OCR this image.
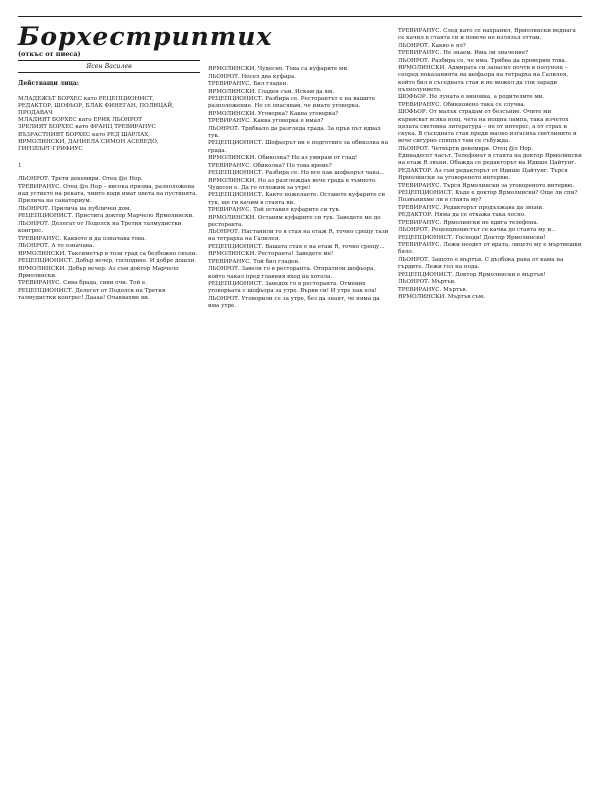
Борхестриптих
(откъс от пиеса)
Ясен Василев
Действащи лица:

МЛАДЕЖЪТ БОРХЕС като РЕЦЕПЦИОНИСТ,

РЕДАКТОР, ШОФЬОР, БЛАК ФИНЕГАН, ПОЛИЦАЙ,

ПРОДАВАЧ

МЛАДИЯТ БОРХЕС като ЕРИК ЛЬОНРОТ

ЗРЕЛИЯТ БОРХЕС като ФРАНЦ ТРЕВИРАНУС

ВЪЗРАСТНИЯТ БОРХЕС като РЕД ШАРЛАХ,

ЯРМОЛИНСКИ, ДАНИЕЛА СИМОН АСЕВЕДО,

ГИНЗБЪРГ-ГРИФИУС

1

ЛЬОНРОТ. Трети декември. Отец @о Нор.

ТРЕВИРАНУС. Отец @о Нор – висока призма, разположена над устието на реката, чиито води имат цвета на пустинята. Прилича на санаториум.

ЛЬОНРОТ. Прилича на публичен дом.

РЕЦЕПЦИОНИСТ. Пристига доктор Марчело Ярмолински.

ЛЬОНРОТ. Делегат от Подолск на Третия талмудистки конгрес.

ТРЕВИРАНУС. Каквото и да означава това.

ЛЬОНРОТ. А то означава.

ЯРМОЛИНСКИ. Таксиметър в този град са безбожно скъпи.

РЕЦЕПЦИОНИСТ. Добър вечер, господине. И добре дошли.

ЯРМОЛИНСКИ. Добър вечер. Аз съм доктор Марчело Ярмолински.

ТРЕВИРАНУС. Сива брада, сиви очи. Той е.

РЕЦЕПЦИОНИСТ. Делегат от Подолск на Третия талмудистки конгрес! Даааа! Очаквахме ви.

ЯРМОЛИНСКИ. Чудесно. Това са куфарите ми.

ЛЬОНРОТ. Носел два куфара.

ТРЕВИРАНУС. Бил гладен.

ЯРМОЛИНСКИ. Гладен съм. Искам да ям.

РЕЦЕПЦИОНИСТ. Разбира се. Ресторантът е на вашите разположение. Но се опасявам, че имате уговорка.

ЯРМОЛИНСКИ. Уговорка? Каква уговорка?

ТРЕВИРАНУС. Каква уговорка е имал?

ЛЬОНРОТ. Трябвало да разгледа града. За пръв път идвал тук.

РЕЦЕПЦИОНИСТ. Шофьорът ни е подготвил за обиколка на града.

ЯРМОЛИНСКИ. Обиколка? Но аз умирам от глад!

ТРЕВИРАНУС. Обиколка? По това време?

РЕЦЕПЦИОНИСТ. Разбира се. Но все пак шофьорът чака...

ЯРМОЛИНСКИ. Но аз разглеждах вече града в тъмното. Чудесен е. Да го отложим за утре!

РЕЦЕПЦИОНИСТ. Както пожелаете. Оставете куфарите си тук, ще ги качим в стаята ви.

ТРЕВИРАНУС. Той оставил куфарите си тук.

ЯРМОЛИНСКИ. Оставям куфарите си тук. Заведете ме до ресторанта.

ЛЬОНРОТ. Настанили го в стая на етаж R, точно срещу тази на тетрарха на Галилея.

РЕЦЕПЦИОНИСТ. Вашата стая е на етаж R, точно срещу...

ЯРМОЛИНСКИ. Ресторанта! Заведете ме!

ТРЕВИРАНУС. Той бил гладен.

ЛЬОНРОТ. Завели го в ресторанта. Отпратили шофьора, който чакал пред главния вход на хотела.

РЕЦЕПЦИОНИСТ. Заведох го в ресторанта. Отмених уговорката с шофьора за утре. Върви си! И утре пак ела!

ЛЬОНРОТ. Уговорили се за утре, без да знаят, че няма да има утре.

ТРЕВИРАНУС. След като се нахранил, Ярмолински веднага се качил в стаята си и повече не излязъл оттам.

ЛЬОНРОТ. Какво е ял?

ТРЕВИРАНУС. Не знаем. Има ли значение?

ЛЬОНРОТ. Разбира се, че има. Трябва да проверим това.

ЯРМОЛИНСКИ. Адмирата си запасил почти в полунощ – според показанията на шофьора на тетрарха на Галилея, който бил в съседната стая и не можел да спи заради пълнолунието.

ШОФЬОР. Не луната е виновна, а родителите ми.

ТРЕВИРАНУС. Обикновено така се случва.

ШОФЬОР. От малък страдам от безсъние. Очите ми кървясват всяка нощ, чета на нощна лампа, така изчетох цялата световна литература – не от интерес, а от страх и скука. В съседната стая преди малко изгасиха светлините и вече сигурно спящът там се събужда.

ЛЬОНРОТ. Четвърти декември. Отец @о Нор.

Единадесет часът. Телефонът в стаята на доктор Ярмолински на етаж R звъни. Обажда се редакторът на Идише Цайтунг.

РЕДАКТОР. Аз съм редакторът от Идише Цайтунг. Търся Ярмолински за уговореното интервю.

ТРЕВИРАНУС. Търся Ярмолински за уговореното интервю.

РЕЦЕПЦИОНИСТ. Къде е доктор Ярмолински? Още ли спи? Позвънихме ли в стаята му?

ТРЕВИРАНУС. Редакторът продължава да звъни.

РЕДАКТОР. Няма да се откажа така лесно.

ТРЕВИРАНУС. Ярмолински не вдига телефона.

ЛЬОНРОТ. Рецепционистът се качва до стаята му и...

РЕЦЕПЦИОНИСТ. Господи! Доктор Ярмолински!

ТРЕВИРАНУС. Лежи неодет от врата, лицето му е мъртвешки бяло.

ЛЬОНРОТ. Защото е мъртъв. С дълбока рана от кама на гърдите. Лежи гол на пода.

РЕЦЕПЦИОНИСТ. Доктор Ярмолински е мъртъв!

ЛЬОНРОТ. Мъртъв.

ТРЕВИРАНУС. Мъртъв.

ЯРМОЛИНСКИ. Мъртъв съм.
